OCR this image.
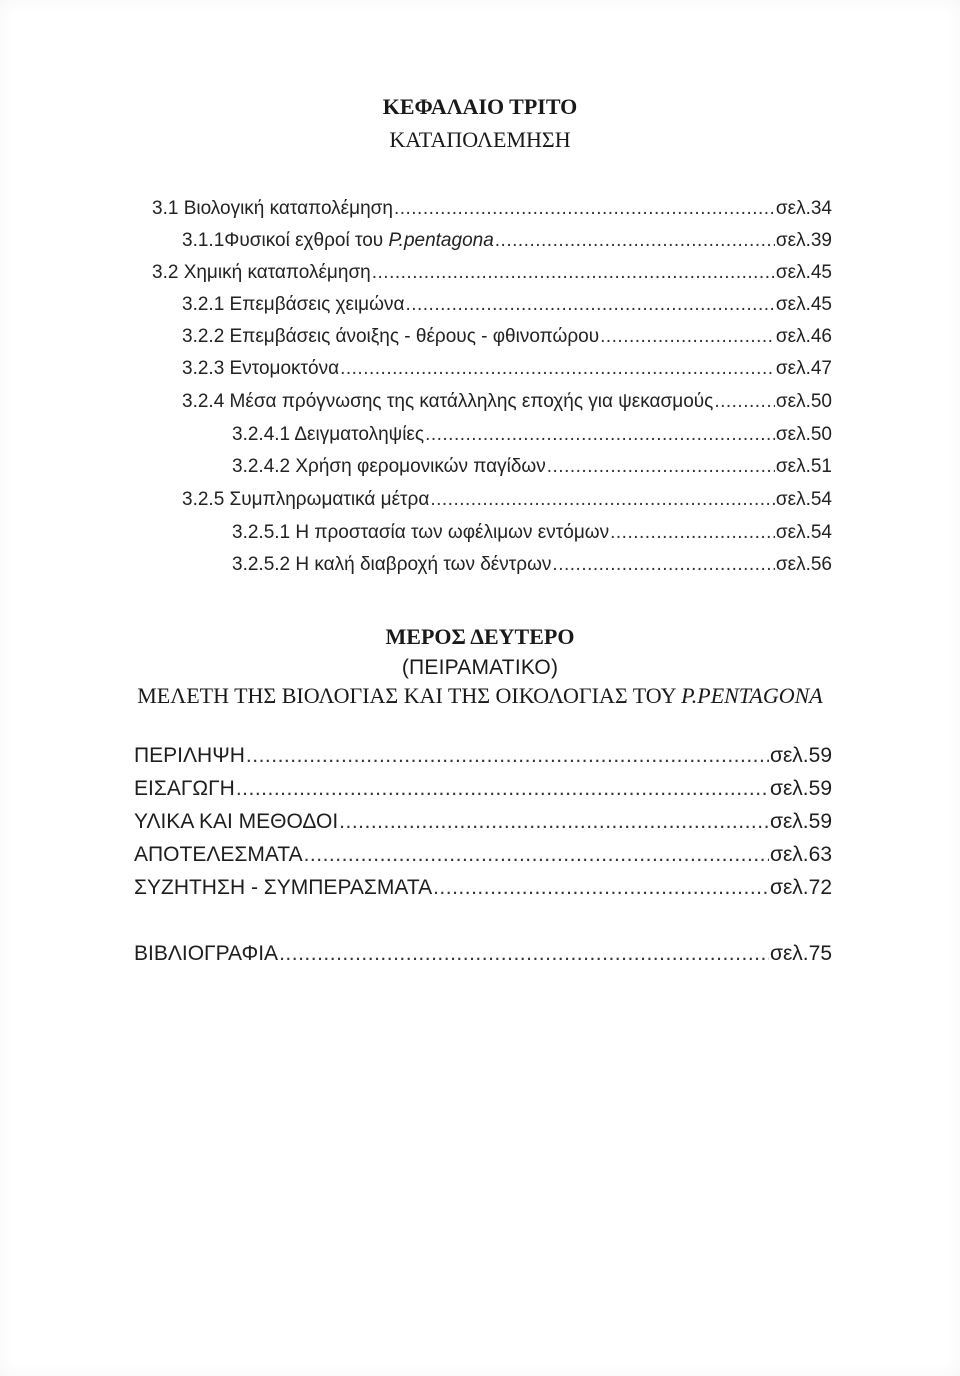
ΚΕΦΑΛΑΙΟ ΤΡΙΤΟ
ΚΑΤΑΠΟΛΕΜΗΣΗ
3.1 Βιολογική καταπολέμηση .....	σελ.34
3.1.1Φυσικοί εχθροί του P.pentagona .....	σελ.39
3.2 Χημική καταπολέμηση .....	σελ.45
3.2.1 Επεμβάσεις χειμώνα .....	σελ.45
3.2.2 Επεμβάσεις άνοιξης - θέρους - φθινοπώρου .....	σελ.46
3.2.3 Εντομοκτόνα .....	σελ.47
3.2.4 Μέσα πρόγνωσης της κατάλληλης εποχής για ψεκασμούς .....	σελ.50
3.2.4.1 Δειγματοληψίες .....	σελ.50
3.2.4.2 Χρήση φερομονικών παγίδων .....	σελ.51
3.2.5 Συμπληρωματικά μέτρα .....	σελ.54
3.2.5.1 Η προστασία των ωφέλιμων εντόμων .....	σελ.54
3.2.5.2 Η καλή διαβροχή των δέντρων .....	σελ.56
ΜΕΡΟΣ ΔΕΥΤΕΡΟ
(ΠΕΙΡΑΜΑΤΙΚΟ)
ΜΕΛΕΤΗ ΤΗΣ ΒΙΟΛΟΓΙΑΣ ΚΑΙ ΤΗΣ ΟΙΚΟΛΟΓΙΑΣ ΤΟΥ P.PENTAGONA
ΠΕΡΙΛΗΨΗ .....	σελ.59
ΕΙΣΑΓΩΓΗ .....	σελ.59
ΥΛΙΚΑ ΚΑΙ ΜΕΘΟΔΟΙ .....	σελ.59
ΑΠΟΤΕΛΕΣΜΑΤΑ .....	σελ.63
ΣΥΖΗΤΗΣΗ - ΣΥΜΠΕΡΑΣΜΑΤΑ .....	σελ.72
ΒΙΒΛΙΟΓΡΑΦΙΑ .....	σελ.75
